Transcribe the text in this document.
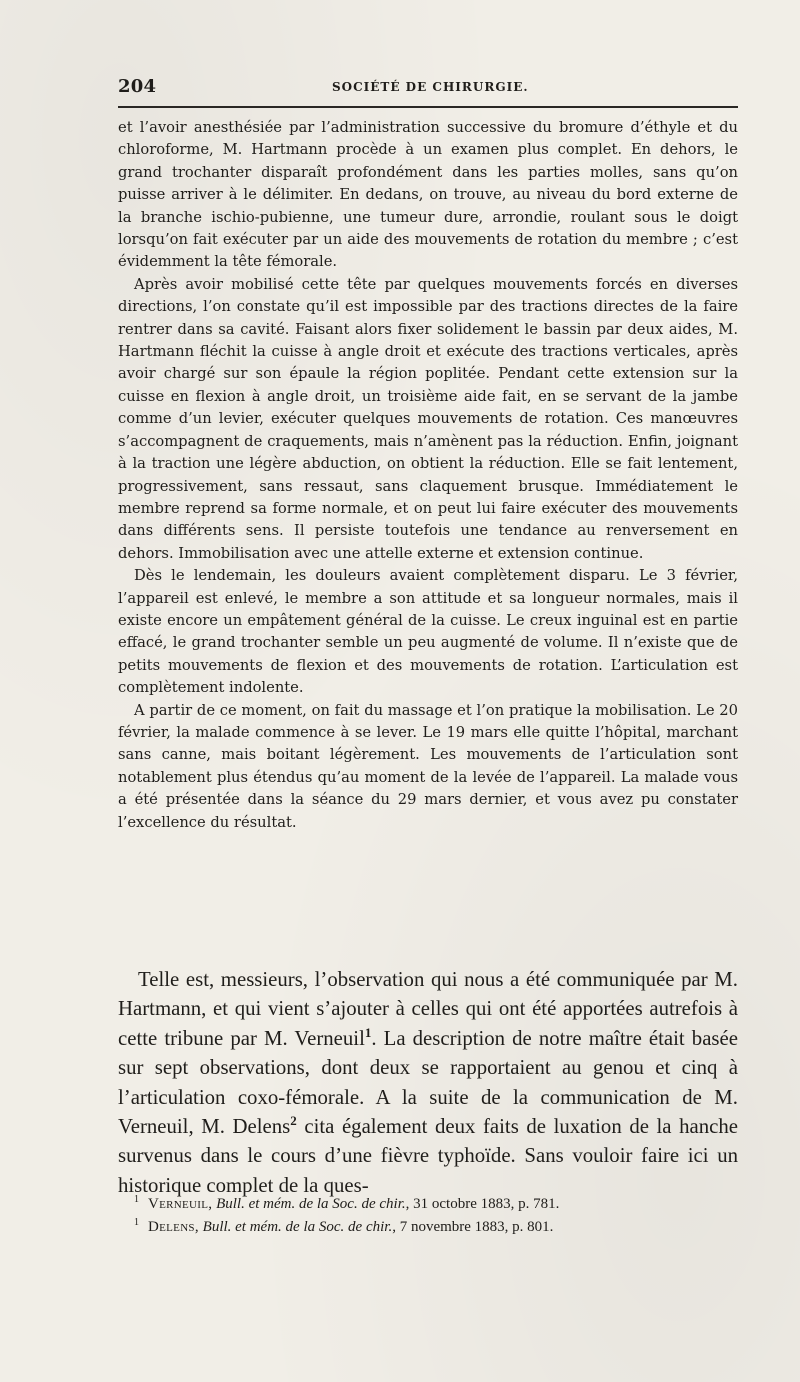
204	SOCIÉTÉ DE CHIRURGIE.

et l’avoir anesthésiée par l’administration successive du bromure d’éthyle et du chloroforme, M. Hartmann procède à un examen plus complet. En dehors, le grand trochanter disparaît profondément dans les parties molles, sans qu’on puisse arriver à le délimiter. En dedans, on trouve, au niveau du bord externe de la branche ischio-pubienne, une tumeur dure, arrondie, roulant sous le doigt lorsqu’on fait exécuter par un aide des mouvements de rotation du membre ; c’est évidemment la tête fémorale.

Après avoir mobilisé cette tête par quelques mouvements forcés en diverses directions, l’on constate qu’il est impossible par des tractions directes de la faire rentrer dans sa cavité. Faisant alors fixer solidement le bassin par deux aides, M. Hartmann fléchit la cuisse à angle droit et exécute des tractions verticales, après avoir chargé sur son épaule la région poplitée. Pendant cette extension sur la cuisse en flexion à angle droit, un troisième aide fait, en se servant de la jambe comme d’un levier, exécuter quelques mouvements de rotation. Ces manœuvres s’accompagnent de craquements, mais n’amènent pas la réduction. Enfin, joignant à la traction une légère abduction, on obtient la réduction. Elle se fait lentement, progressivement, sans ressaut, sans claquement brusque. Immédiatement le membre reprend sa forme normale, et on peut lui faire exécuter des mouvements dans différents sens. Il persiste toutefois une tendance au renversement en dehors. Immobilisation avec une attelle externe et extension continue.

Dès le lendemain, les douleurs avaient complètement disparu. Le 3 février, l’appareil est enlevé, le membre a son attitude et sa longueur normales, mais il existe encore un empâtement général de la cuisse. Le creux inguinal est en partie effacé, le grand trochanter semble un peu augmenté de volume. Il n’existe que de petits mouvements de flexion et des mouvements de rotation. L’articulation est complètement indolente.

A partir de ce moment, on fait du massage et l’on pratique la mobilisation. Le 20 février, la malade commence à se lever. Le 19 mars elle quitte l’hôpital, marchant sans canne, mais boitant légèrement. Les mouvements de l’articulation sont notablement plus étendus qu’au moment de la levée de l’appareil. La malade vous a été présentée dans la séance du 29 mars dernier, et vous avez pu constater l’excellence du résultat.

Telle est, messieurs, l’observation qui nous a été communiquée par M. Hartmann, et qui vient s’ajouter à celles qui ont été apportées autrefois à cette tribune par M. Verneuil$^1$. La description de notre maître était basée sur sept observations, dont deux se rapportaient au genou et cinq à l’articulation coxo-fémorale. A la suite de la communication de M. Verneuil, M. Delens$^2$ cita également deux faits de luxation de la hanche survenus dans le cours d’une fièvre typhoïde. Sans vouloir faire ici un historique complet de la ques-

1 Verneuil, Bull. et mém. de la Soc. de chir., 31 octobre 1883, p. 781.

1 Delens, Bull. et mém. de la Soc. de chir., 7 novembre 1883, p. 801.
